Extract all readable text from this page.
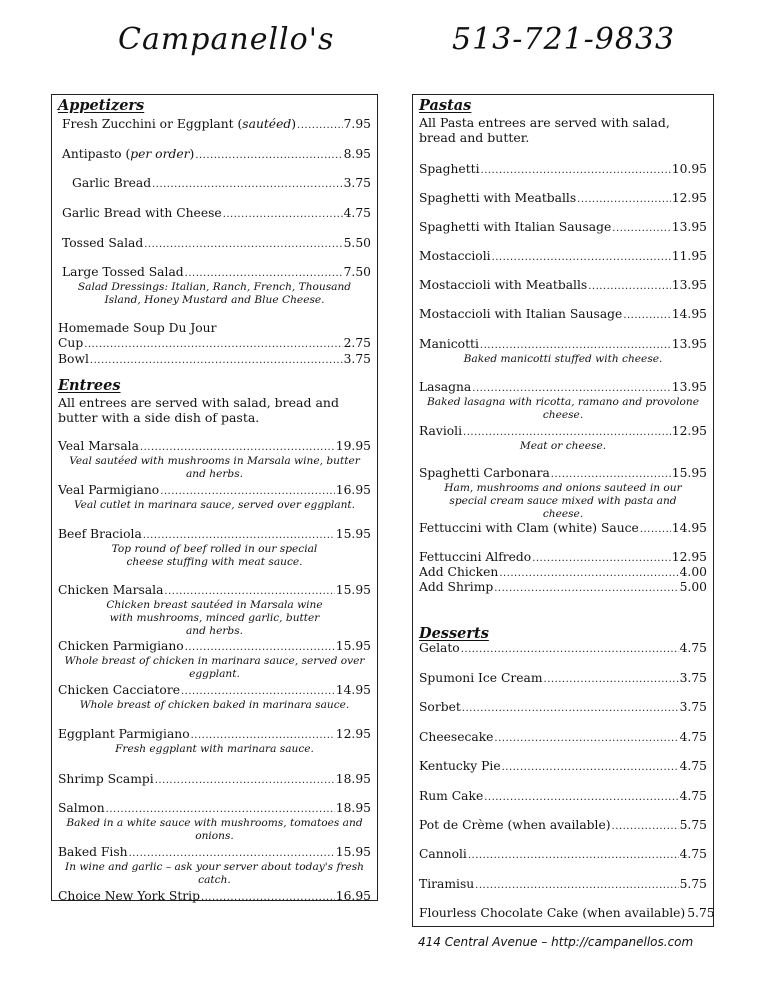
Campanello's	513-721-9833
Appetizers
Fresh Zucchini or Eggplant (sautéed) .....	7.95
Antipasto (per order) .....	8.95
Garlic Bread .....	3.75
Garlic Bread with Cheese .....	4.75
Tossed Salad .....	5.50
Large Tossed Salad .....	7.50
Salad Dressings: Italian, Ranch, French, Thousand Island, Honey Mustard and Blue Cheese.
Homemade Soup Du Jour
Cup .....	2.75
Bowl .....	3.75
Entrees
All entrees are served with salad, bread and butter with a side dish of pasta.
Veal Marsala .....	19.95
Veal sautéed with mushrooms in Marsala wine, butter and herbs.
Veal Parmigiano .....	16.95
Veal cutlet in marinara sauce, served over eggplant.
Beef Braciola .....	15.95
Top round of beef rolled in our special cheese stuffing with meat sauce.
Chicken Marsala .....	15.95
Chicken breast sautéed in Marsala wine with mushrooms, minced garlic, butter and herbs.
Chicken Parmigiano .....	15.95
Whole breast of chicken in marinara sauce, served over eggplant.
Chicken Cacciatore .....	14.95
Whole breast of chicken baked in marinara sauce.
Eggplant Parmigiano .....	12.95
Fresh eggplant with marinara sauce.
Shrimp Scampi .....	18.95
Salmon .....	18.95
Baked in a white sauce with mushrooms, tomatoes and onions.
Baked Fish .....	15.95
In wine and garlic – ask your server about today's fresh catch.
Choice New York Strip .....	16.95
Pastas
All Pasta entrees are served with salad, bread and butter.
Spaghetti .....	10.95
Spaghetti with Meatballs .....	12.95
Spaghetti with Italian Sausage .....	13.95
Mostaccioli .....	11.95
Mostaccioli with Meatballs .....	13.95
Mostaccioli with Italian Sausage .....	14.95
Manicotti .....	13.95
Baked manicotti stuffed with cheese.
Lasagna .....	13.95
Baked lasagna with ricotta, ramano and provolone cheese.
Ravioli .....	12.95
Meat or cheese.
Spaghetti Carbonara .....	15.95
Ham, mushrooms and onions sauteed in our special cream sauce mixed with pasta and cheese.
Fettuccini with Clam (white) Sauce .....	14.95
Fettuccini Alfredo .....	12.95
Add Chicken .....	4.00
Add Shrimp .....	5.00
Desserts
Gelato .....	4.75
Spumoni Ice Cream .....	3.75
Sorbet .....	3.75
Cheesecake .....	4.75
Kentucky Pie .....	4.75
Rum Cake .....	4.75
Pot de Crème (when available) .....	5.75
Cannoli .....	4.75
Tiramisu .....	5.75
Flourless Chocolate Cake (when available) 5.75
414 Central Avenue – http://campanellos.com
